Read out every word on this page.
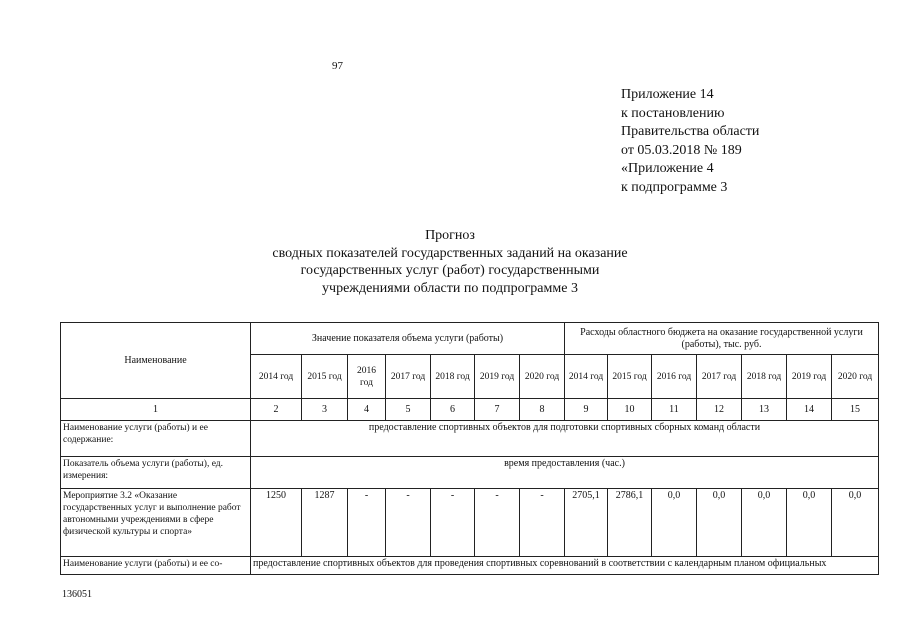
97
Приложение 14
к постановлению
Правительства области
от 05.03.2018 № 189
«Приложение 4
к подпрограмме 3
Прогноз
сводных показателей государственных заданий на оказание
государственных услуг (работ) государственными
учреждениями области по подпрограмме 3
Наименование	Значение показателя объема услуги (работы)							Расходы областного бюджета на оказание государственной услуги (работы), тыс. руб.						
	2014 год	2015 год	2016 год	2017 год	2018 год	2019 год	2020 год	2014 год	2015 год	2016 год	2017 год	2018 год	2019 год	2020 год
1	2	3	4	5	6	7	8	9	10	11	12	13	14	15
Наименование услуги (работы) и ее содержание:	предоставление спортивных объектов для подготовки спортивных сборных команд области													
Показатель объема услуги (работы), ед. измерения:	время предоставления (час.)													
Мероприятие 3.2 «Оказание государственных услуг и выполнение работ автономными учреждениями в сфере физической культуры и спорта»	1250	1287	-	-	-	-	-	2705,1	2786,1	0,0	0,0	0,0	0,0	0,0
Наименование услуги (работы) и ее со-	предоставление спортивных объектов для проведения спортивных соревнований в соответствии с календарным планом официальных													
136051
